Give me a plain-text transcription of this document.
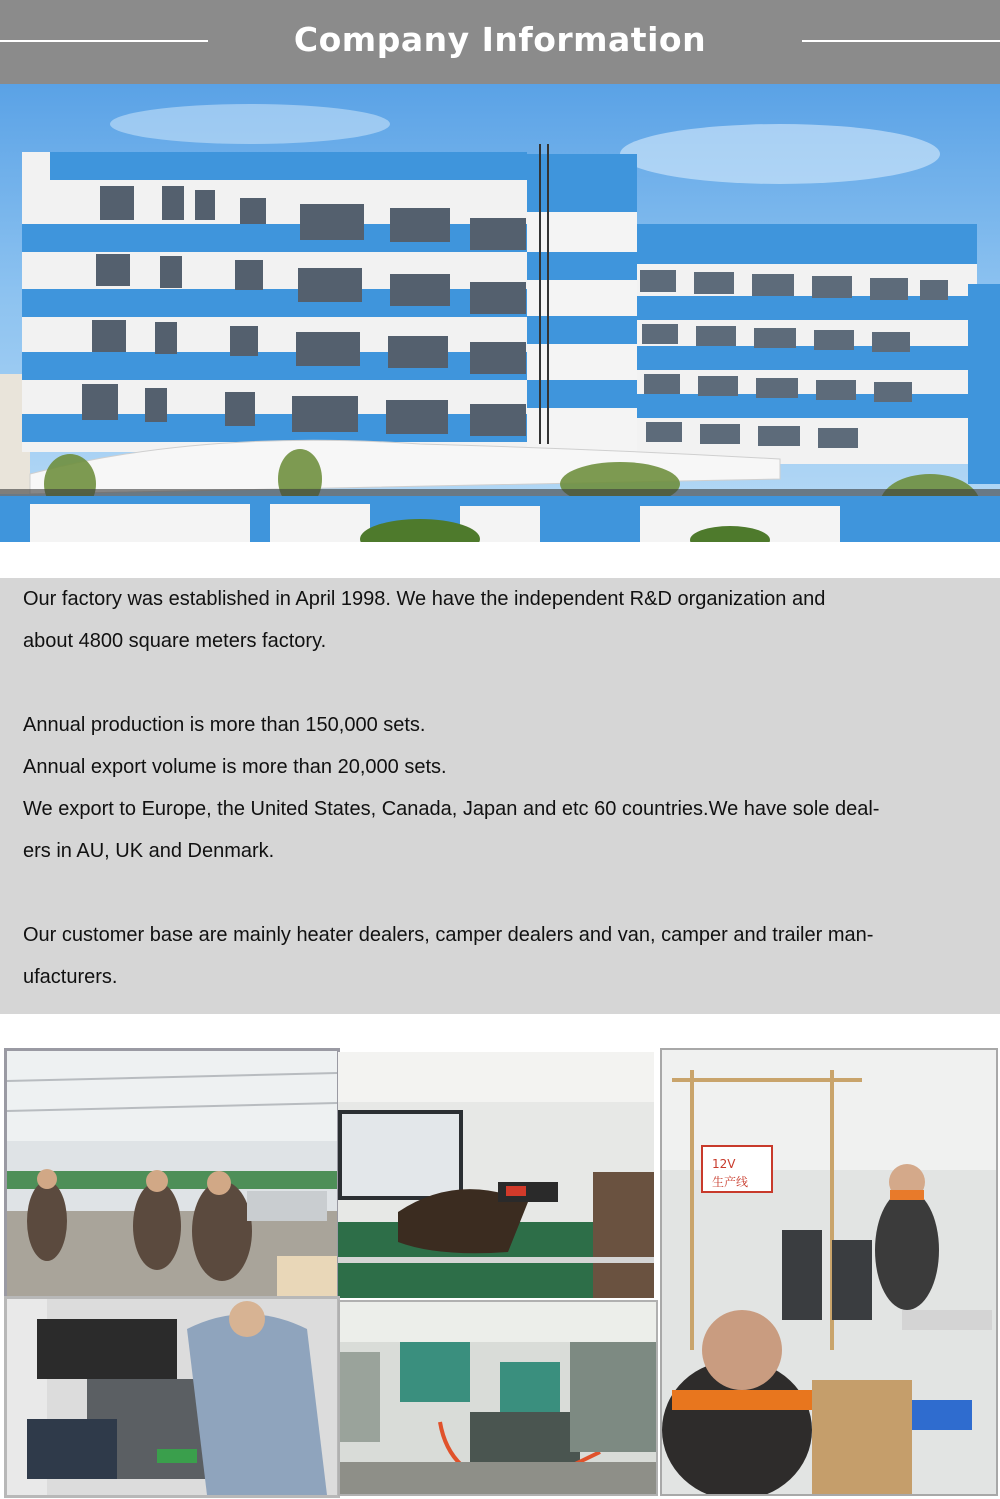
Company Information
Our factory was established in April 1998. We have the independent R&D organization and
about 4800 square meters factory.
Annual production is more than 150,000 sets.
Annual export volume is more than 20,000 sets.
We export to Europe, the United States, Canada, Japan and etc 60 countries.We have sole deal-
ers in AU, UK and Denmark.
Our customer base are mainly heater dealers, camper dealers and van, camper and trailer man-
ufacturers.
12V
生产线
